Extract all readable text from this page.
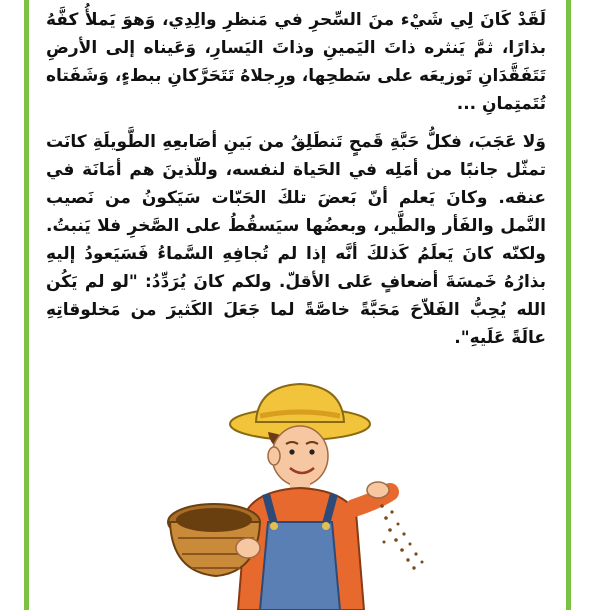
لَقَدْ كَانَ لِي شَيْء منَ السِّحرِ في مَنظرِ والِدِي، وَهوَ يَملأُ كفَّهُ بذارًا، ثمَّ يَنثره ذاتَ اليَمينِ وذاتَ اليَسارِ، وَعَيناه إلى الأرضِ تَتَفَقَّدَانِ تَوزيعَه على سَطحِها، ورِجلاهُ تَتَحَرَّكانِ ببطءٍ، وَشَفَتاه تُتَمتِمانِ ...

وَلا عَجَبَ، فكلُّ حَبَّةِ قَمحٍ تَنطَلِقُ من بَينِ أصَابعِهِ الطَّويلَةِ كانَت تمثّل جانبًا من أمَلِه في الحَياة لنفسه، وللّذينَ هم أمَانَة في عنقه. وكانَ يَعلم أنّ بَعضَ تلكَ الحَبّات سَيَكونُ من نَصيب النَّمل والفَأر والطَّير، وبعضُها سيَسقُطُ على الصَّخرِ فلا يَنبتُ. ولكنّه كانَ يَعلَمُ كَذلكَ أنَّه إذا لم تُجافِهِ السَّماءُ فَسَيَعودُ إليهِ بذارُهُ خَمسَةَ أضعافٍ عَلى الأقلّ. ولكم كانَ يُرَدِّدُ: "لو لم يَكُن الله يُحِبُّ الفَلاّحَ مَحَبَّةً خاصَّةً لما جَعَلَ الكَثيرَ من مَخلوقاتِهِ عالَةً عَلَيهِ".
